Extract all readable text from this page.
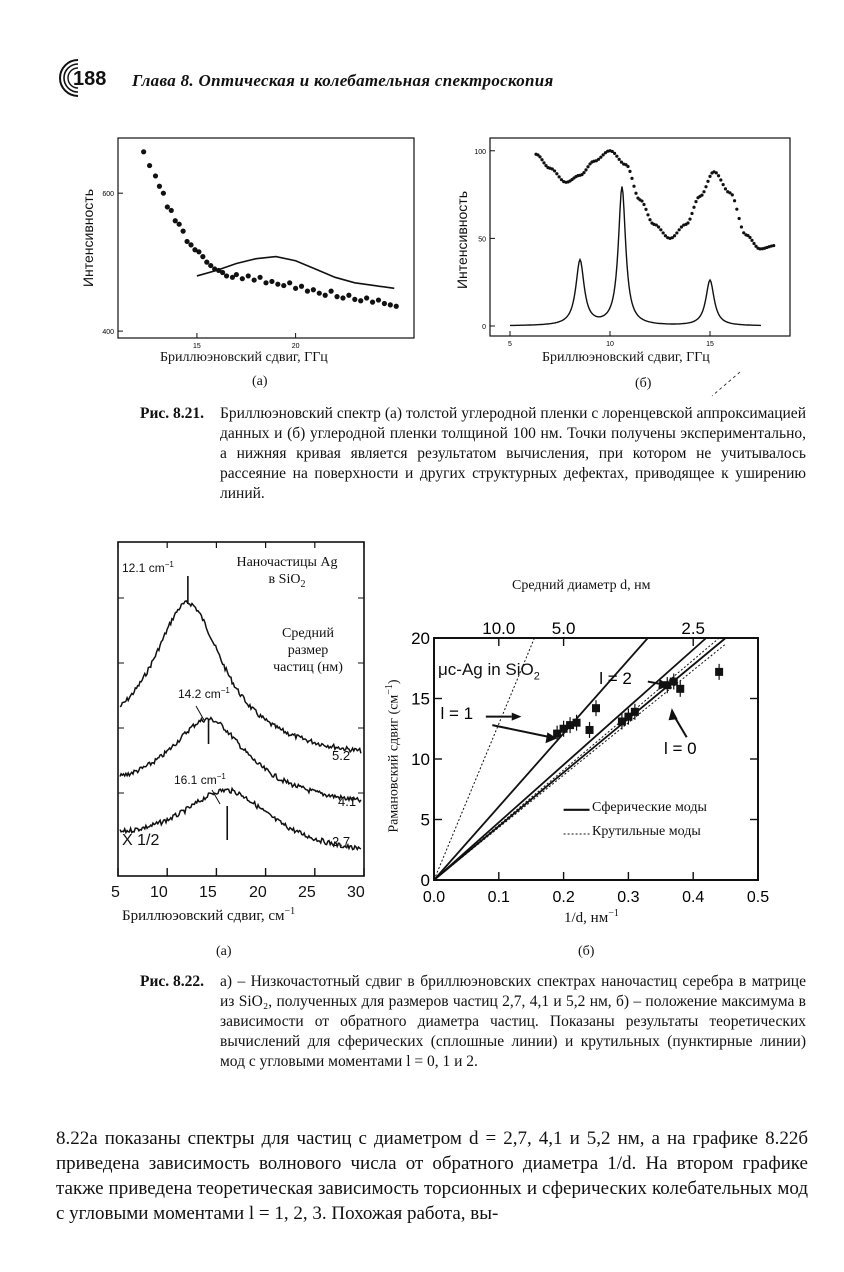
188 Глава 8. Оптическая и колебательная спектроскопия
600
400
15	20
Интенсивность
Бриллюэновский сдвиг, ГГц
(а)
100
50
0
5	10	15
Интенсивность
Бриллюэновский сдвиг, ГГц
(б)
Рис. 8.21.	Бриллюэновский спектр (а) толстой углеродной пленки с лоренцевской аппроксимацией данных и (б) углеродной пленки толщиной 100 нм. Точки получены экспериментально, а нижняя кривая является результатом вычисления, при котором не учитывалось рассеяние на поверхности и других структурных дефектах, приводящее к уширению линий.
Наночастицы Ag
в SiO$_2$
Средний
размер
частиц (нм)
12.1 $cm^{-1}$
14.2 $cm^{-1}$
16.1 $cm^{-1}$
X 1/2
5.2
4.1
2.7
5 10 15 20 25 30
Бриллюэовский сдвиг, $см^{-1}$
(а)
Средний диаметр d, нм
Рамановский сдвиг $(см^{-1})$
0
5
10
15
20
0.0	0.1	0.2	0.3	0.4	0.5
10.0 5.0	2.5
l = 1
l = 2
l = 0
μc-Ag in SiO$_2$
Сферические моды
Крутильные моды
1/d, $нм^{-1}$
(б)
Рис. 8.22.	а) – Низкочастотный сдвиг в бриллюэновских спектрах наночастиц серебра в матрице из SiO₂, полученных для размеров частиц 2,7, 4,1 и 5,2 нм, б) – положение максимума в зависимости от обратного диаметра частиц. Показаны результаты теоретических вычислений для сферических (сплошные линии) и крутильных (пунктирные линии) мод с угловыми моментами l = 0, 1 и 2.
8.22а показаны спектры для частиц с диаметром d = 2,7, 4,1 и 5,2 нм, а на графике 8.22б приведена зависимость волнового числа от обратного диаметра 1/d. На втором графике также приведена теоретическая зависимость торсионных и сферических колебательных мод с угловыми моментами l = 1, 2, 3. Похожая работа, вы-
